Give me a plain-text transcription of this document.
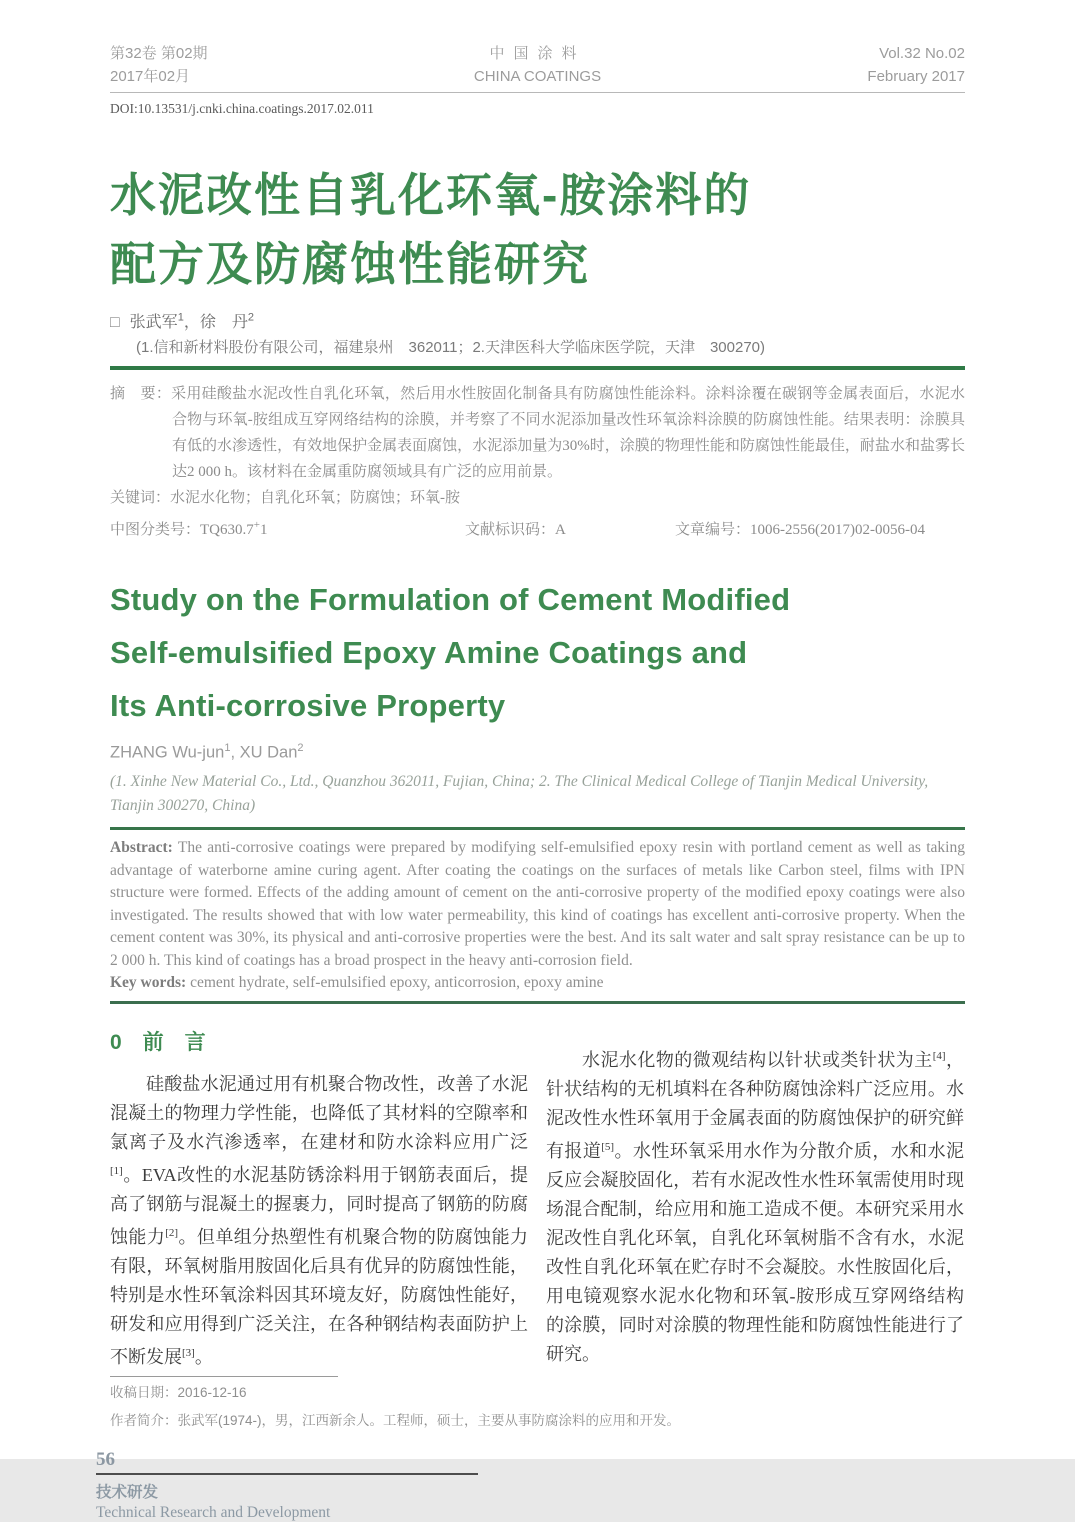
第32卷 第02期
2017年02月
中国涂料
CHINA COATINGS
Vol.32 No.02
February 2017
DOI:10.13531/j.cnki.china.coatings.2017.02.011
水泥改性自乳化环氧-胺涂料的
配方及防腐蚀性能研究
□ 张武军$^1$，徐　丹$^2$
(1.信和新材料股份有限公司，福建泉州　362011；2.天津医科大学临床医学院，天津　300270)

摘　要：采用硅酸盐水泥改性自乳化环氧，然后用水性胺固化制备具有防腐蚀性能涂料。涂料涂覆在碳钢等金属表面后，水泥水合物与环氧-胺组成互穿网络结构的涂膜，并考察了不同水泥添加量改性环氧涂料涂膜的防腐蚀性能。结果表明：涂膜具有低的水渗透性，有效地保护金属表面腐蚀，水泥添加量为30%时，涂膜的物理性能和防腐蚀性能最佳，耐盐水和盐雾长达2 000 h。该材料在金属重防腐领域具有广泛的应用前景。

关键词：水泥水化物；自乳化环氧；防腐蚀；环氧-胺

中图分类号：TQ630.7+1	文献标识码：A	文章编号：1006-2556(2017)02-0056-04
Study on the Formulation of Cement Modified
Self-emulsified Epoxy Amine Coatings and
Its Anti-corrosive Property
ZHANG Wu-jun$^1$, XU Dan$^2$
(1. Xinhe New Material Co., Ltd., Quanzhou 362011, Fujian, China; 2. The Clinical Medical College of Tianjin Medical University, Tianjin 300270, China)

Abstract: The anti-corrosive coatings were prepared by modifying self-emulsified epoxy resin with portland cement as well as taking advantage of waterborne amine curing agent. After coating the coatings on the surfaces of metals like Carbon steel, films with IPN structure were formed. Effects of the adding amount of cement on the anti-corrosive property of the modified epoxy coatings were also investigated. The results showed that with low water permeability, this kind of coatings has excellent anti-corrosive property. When the cement content was 30%, its physical and anti-corrosive properties were the best. And its salt water and salt spray resistance can be up to 2 000 h. This kind of coatings has a broad prospect in the heavy anti-corrosion field.

Key words: cement hydrate, self-emulsified epoxy, anticorrosion, epoxy amine

0　前　言

硅酸盐水泥通过用有机聚合物改性，改善了水泥混凝土的物理力学性能，也降低了其材料的空隙率和氯离子及水汽渗透率，在建材和防水涂料应用广泛[1]。EVA改性的水泥基防锈涂料用于钢筋表面后，提高了钢筋与混凝土的握裹力，同时提高了钢筋的防腐蚀能力[2]。但单组分热塑性有机聚合物的防腐蚀能力有限，环氧树脂用胺固化后具有优异的防腐蚀性能，特别是水性环氧涂料因其环境友好，防腐蚀性能好，研发和应用得到广泛关注，在各种钢结构表面防护上不断发展[3]。

水泥水化物的微观结构以针状或类针状为主[4]，针状结构的无机填料在各种防腐蚀涂料广泛应用。水泥改性水性环氧用于金属表面的防腐蚀保护的研究鲜有报道[5]。水性环氧采用水作为分散介质，水和水泥反应会凝胶固化，若有水泥改性水性环氧需使用时现场混合配制，给应用和施工造成不便。本研究采用水泥改性自乳化环氧，自乳化环氧树脂不含有水，水泥改性自乳化环氧在贮存时不会凝胶。水性胺固化后，用电镜观察水泥水化物和环氧-胺形成互穿网络结构的涂膜，同时对涂膜的物理性能和防腐蚀性能进行了研究。

收稿日期：2016-12-16

作者简介：张武军(1974-)，男，江西新余人。工程师，硕士，主要从事防腐涂料的应用和开发。

56
技术研发
Technical Research and Development
